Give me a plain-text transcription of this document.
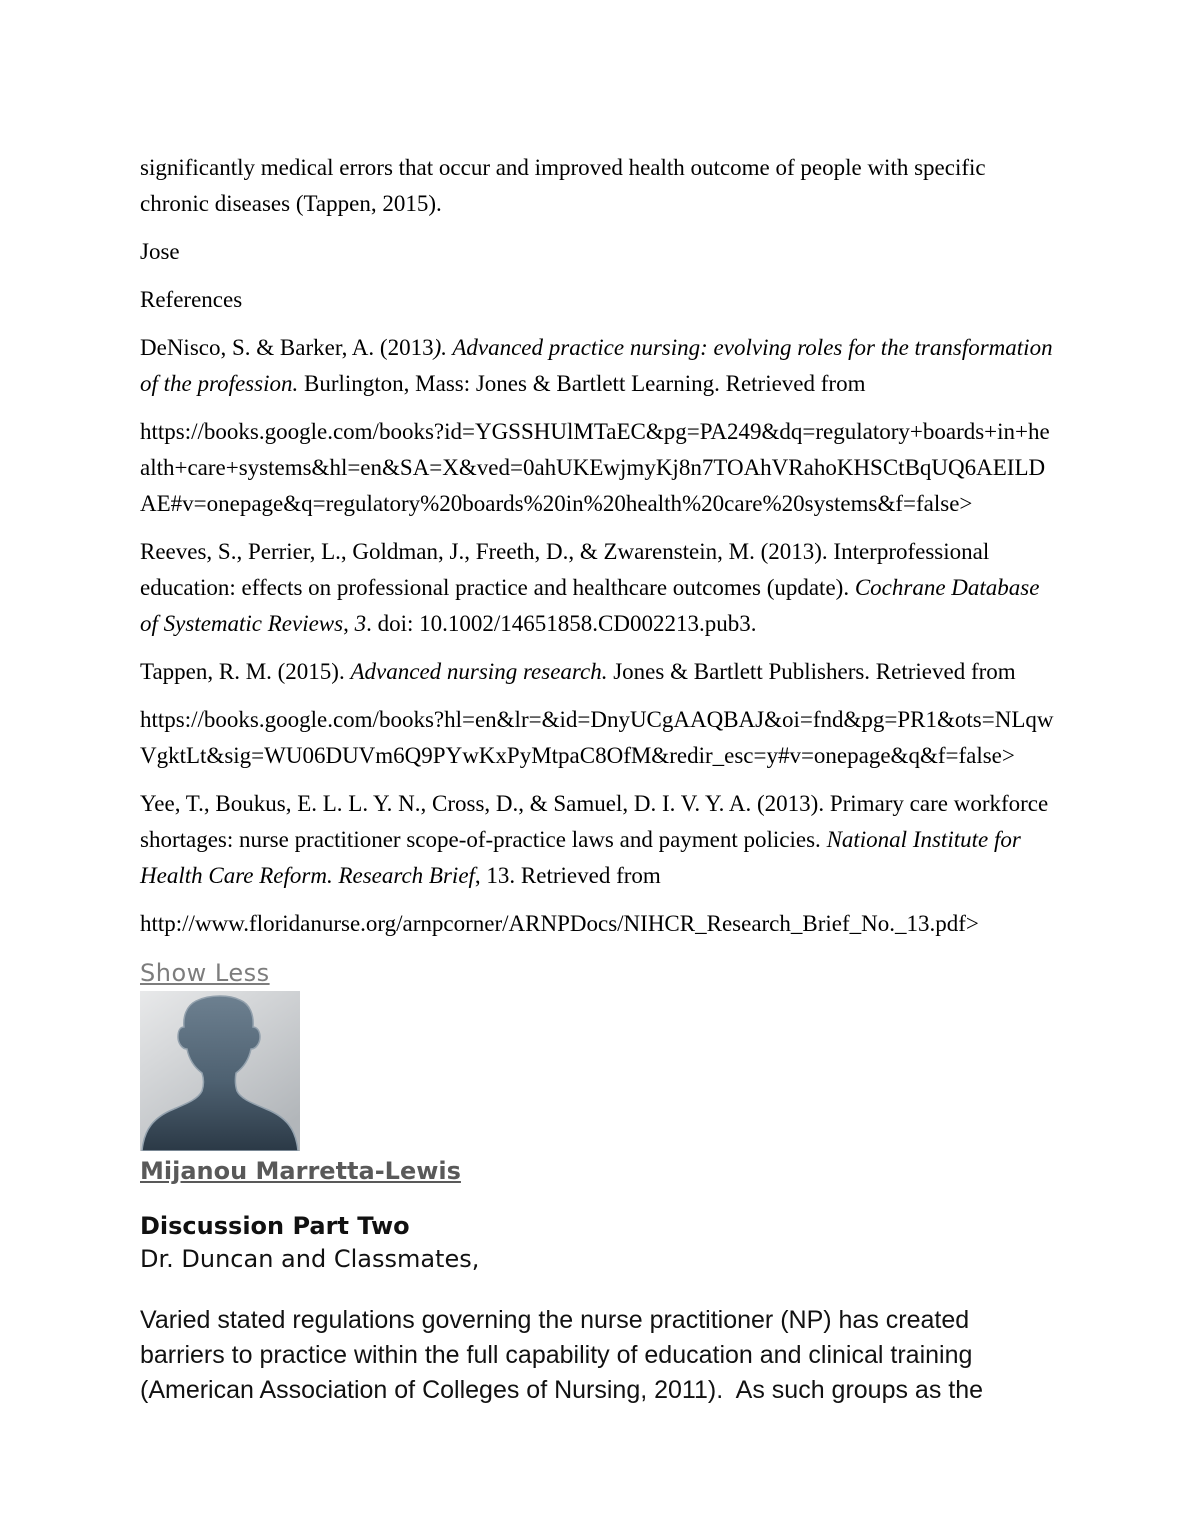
significantly medical errors that occur and improved health outcome of people with specific chronic diseases (Tappen, 2015).

Jose

References

DeNisco, S. & Barker, A. (2013). Advanced practice nursing: evolving roles for the transformation of the profession. Burlington, Mass: Jones & Bartlett Learning. Retrieved from

https://books.google.com/books?id=YGSSHUlMTaEC&pg=PA249&dq=regulatory+boards+in+health+care+systems&hl=en&SA=X&ved=0ahUKEwjmyKj8n7TOAhVRahoKHSCtBqUQ6AEILDAE#v=onepage&q=regulatory%20boards%20in%20health%20care%20systems&f=false>

Reeves, S., Perrier, L., Goldman, J., Freeth, D., & Zwarenstein, M. (2013). Interprofessional education: effects on professional practice and healthcare outcomes (update). Cochrane Database of Systematic Reviews, 3. doi: 10.1002/14651858.CD002213.pub3.

Tappen, R. M. (2015). Advanced nursing research. Jones & Bartlett Publishers. Retrieved from

https://books.google.com/books?hl=en&lr=&id=DnyUCgAAQBAJ&oi=fnd&pg=PR1&ots=NLqwVgktLt&sig=WU06DUVm6Q9PYwKxPyMtpaC8OfM&redir_esc=y#v=onepage&q&f=false>

Yee, T., Boukus, E. L. L. Y. N., Cross, D., & Samuel, D. I. V. Y. A. (2013). Primary care workforce shortages: nurse practitioner scope-of-practice laws and payment policies. National Institute for Health Care Reform. Research Brief, 13. Retrieved from

http://www.floridanurse.org/arnpcorner/ARNPDocs/NIHCR_Research_Brief_No._13.pdf>

Show Less
Mijanou Marretta-Lewis
Discussion Part Two

Dr. Duncan and Classmates,

Varied stated regulations governing the nurse practitioner (NP) has created barriers to practice within the full capability of education and clinical training (American Association of Colleges of Nursing, 2011).  As such groups as the
